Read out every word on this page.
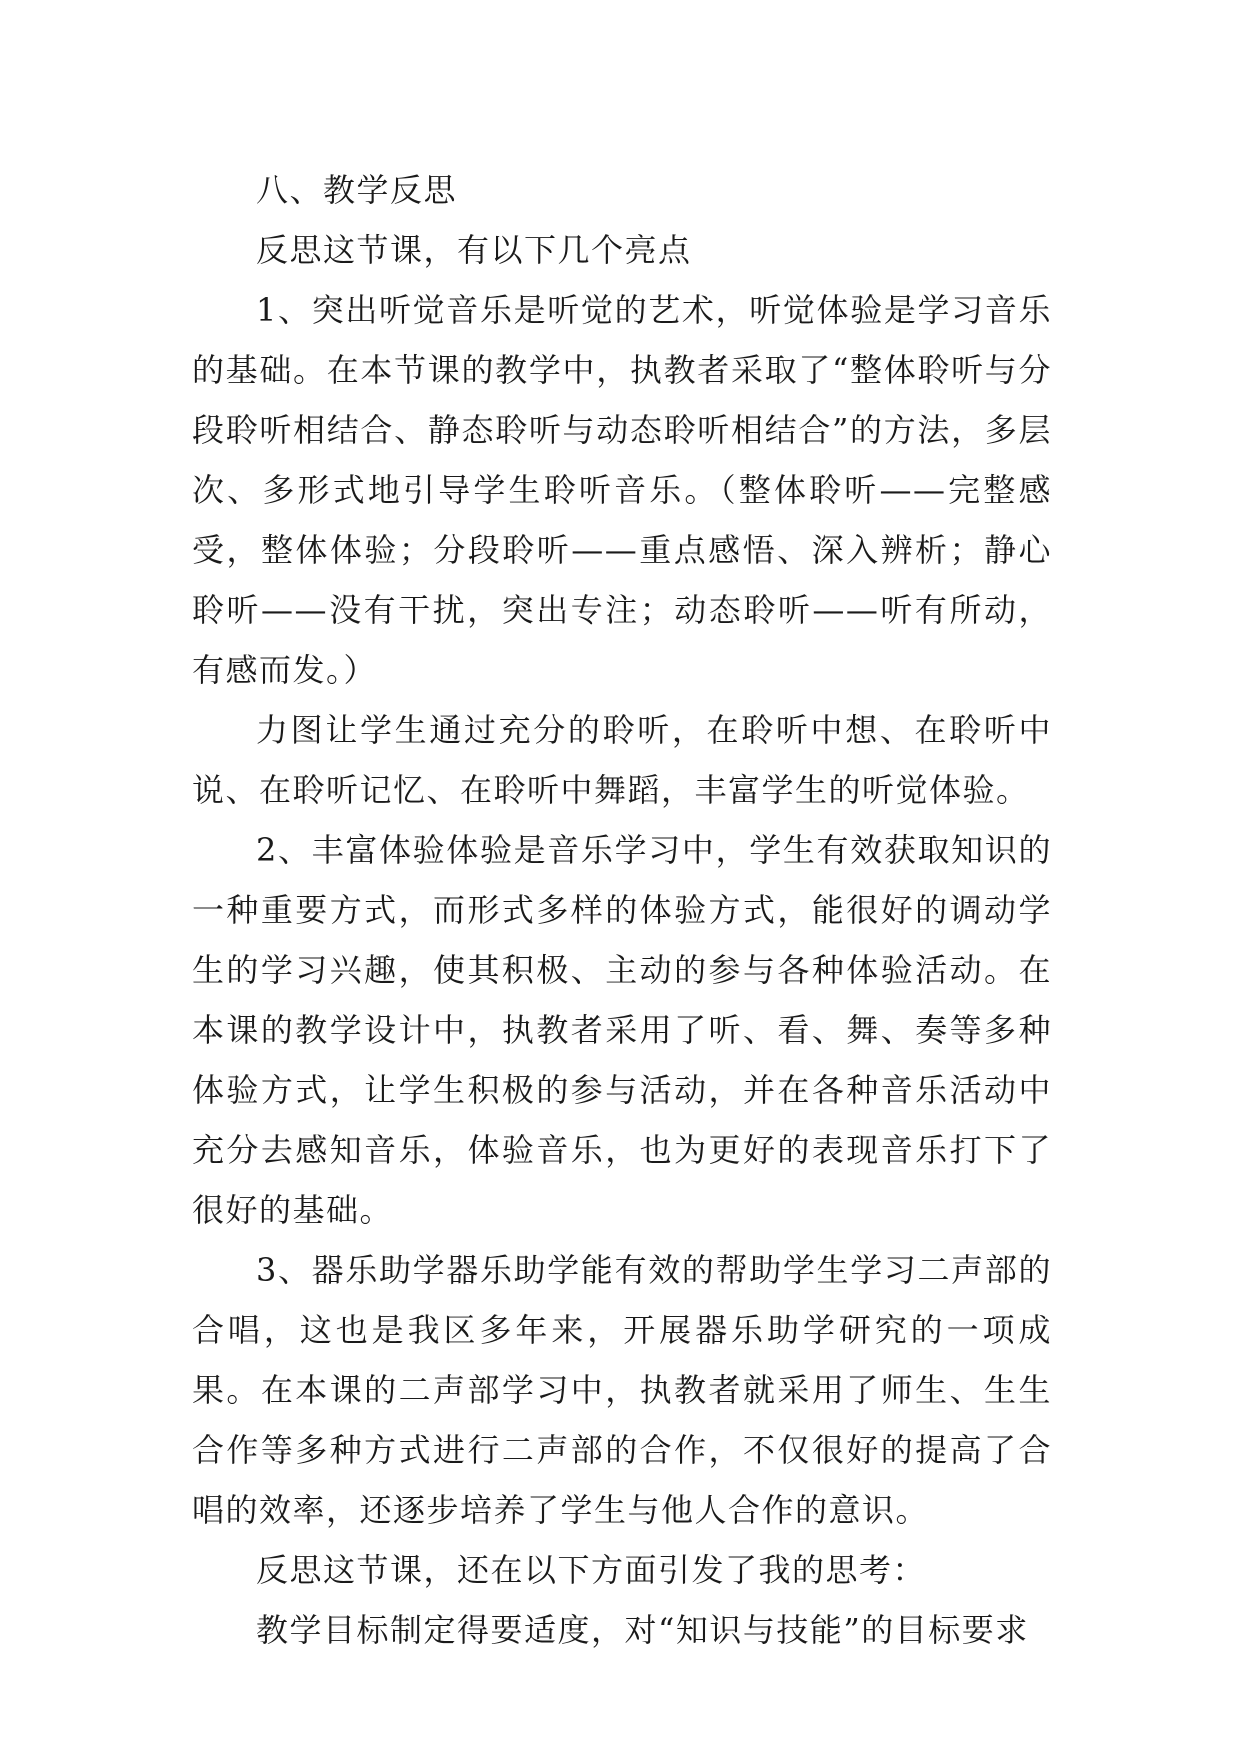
八、教学反思

反思这节课，有以下几个亮点

1、突出听觉音乐是听觉的艺术，听觉体验是学习音乐的基础。在本节课的教学中，执教者采取了“整体聆听与分段聆听相结合、静态聆听与动态聆听相结合”的方法，多层次、多形式地引导学生聆听音乐。（整体聆听——完整感受，整体体验；分段聆听——重点感悟、深入辨析；静心聆听——没有干扰，突出专注；动态聆听——听有所动，有感而发。）

力图让学生通过充分的聆听，在聆听中想、在聆听中说、在聆听记忆、在聆听中舞蹈，丰富学生的听觉体验。

2、丰富体验体验是音乐学习中，学生有效获取知识的一种重要方式，而形式多样的体验方式，能很好的调动学生的学习兴趣，使其积极、主动的参与各种体验活动。在本课的教学设计中，执教者采用了听、看、舞、奏等多种体验方式，让学生积极的参与活动，并在各种音乐活动中充分去感知音乐，体验音乐，也为更好的表现音乐打下了很好的基础。

3、器乐助学器乐助学能有效的帮助学生学习二声部的合唱，这也是我区多年来，开展器乐助学研究的一项成果。在本课的二声部学习中，执教者就采用了师生、生生合作等多种方式进行二声部的合作，不仅很好的提高了合唱的效率，还逐步培养了学生与他人合作的意识。

反思这节课，还在以下方面引发了我的思考：

教学目标制定得要适度，对“知识与技能”的目标要求
